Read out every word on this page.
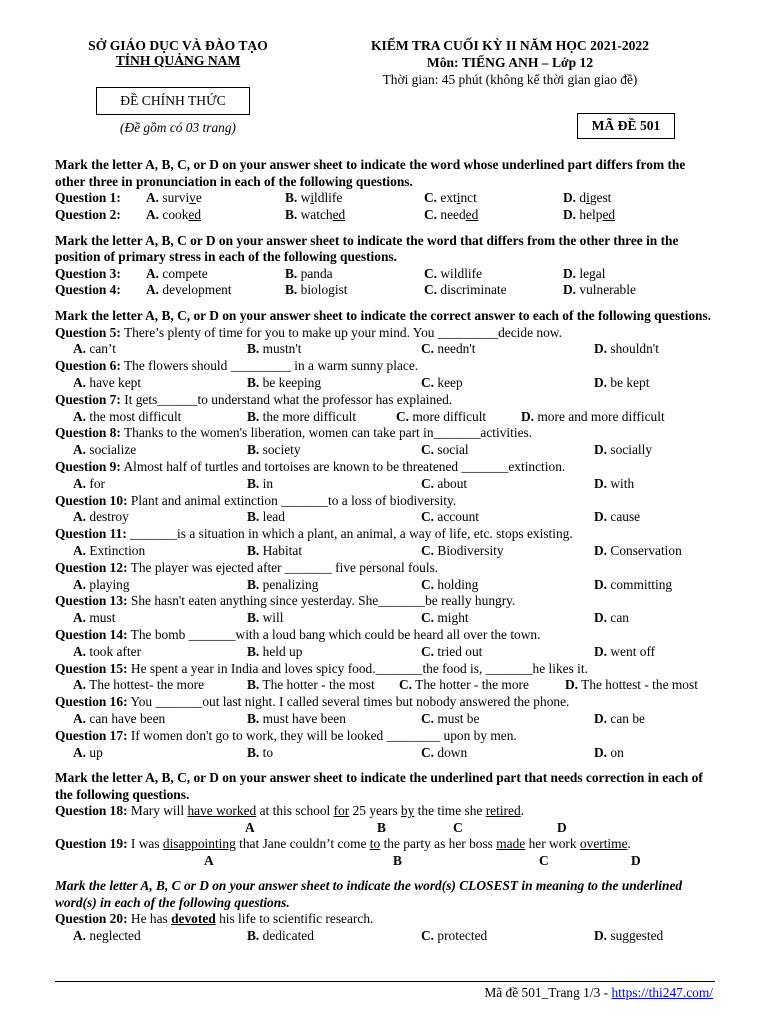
SỞ GIÁO DỤC VÀ ĐÀO TẠO
TỈNH QUẢNG NAM
ĐỀ CHÍNH THỨC
(Đề gồm có 03 trang)
KIỂM TRA CUỐI KỲ II NĂM HỌC 2021-2022
Môn: TIẾNG ANH – Lớp 12
Thời gian: 45 phút (không kể thời gian giao đề)
MÃ ĐỀ 501
Mark the letter A, B, C, or D on your answer sheet to indicate the word whose underlined part differs from the other three in pronunciation in each of the following questions.
Question 1: A. survive	B. wildlife	C. extinct	D. digest
Question 2: A. cooked	B. watched	C. needed	D. helped
Mark the letter A, B, C or D on your answer sheet to indicate the word that differs from the other three in the position of primary stress in each of the following questions.
Question 3: A. compete	B. panda	C. wildlife	D. legal
Question 4: A. development	B. biologist	C. discriminate	D. vulnerable
Mark the letter A, B, C, or D on your answer sheet to indicate the correct answer to each of the following questions.
Question 5: There’s plenty of time for you to make up your mind. You _________decide now.
A. can’t	B. mustn't	C. needn't	D. shouldn't
Question 6: The flowers should _________ in a warm sunny place.
A. have kept	B. be keeping	C. keep	D. be kept
Question 7: It gets______to understand what the professor has explained.
A. the most difficult	B. the more difficult	C. more difficult	D. more and more difficult
Question 8: Thanks to the women's liberation, women can take part in_______activities.
A. socialize	B. society	C. social	D. socially
Question 9: Almost half of turtles and tortoises are known to be threatened _______extinction.
A. for	B. in	C. about	D. with
Question 10: Plant and animal extinction _______to a loss of biodiversity.
A. destroy	B. lead	C. account	D. cause
Question 11: _______is a situation in which a plant, an animal, a way of life, etc. stops existing.
A. Extinction	B. Habitat	C. Biodiversity	D. Conservation
Question 12: The player was ejected after _______ five personal fouls.
A. playing	B. penalizing	C. holding	D. committing
Question 13: She hasn't eaten anything since yesterday. She_______be really hungry.
A. must	B. will	C. might	D. can
Question 14: The bomb _______with a loud bang which could be heard all over the town.
A. took after	B. held up	C. tried out	D. went off
Question 15: He spent a year in India and loves spicy food._______the food is, _______he likes it.
A. The hottest- the more	B. The hotter - the most C. The hotter - the more	D. The hottest - the most
Question 16: You _______out last night. I called several times but nobody answered the phone.
A. can have been	B. must have been	C. must be	D. can be
Question 17: If women don't go to work, they will be looked ________ upon by men.
A. up	B. to	C. down	D. on
Mark the letter A, B, C, or D on your answer sheet to indicate the underlined part that needs correction in each of the following questions.
Question 18: Mary will have worked at this school for 25 years by the time she retired.
A	B	C	D
Question 19: I was disappointing that Jane couldn’t come to the party as her boss made her work overtime.
A	B	C	D
Mark the letter A, B, C or D on your answer sheet to indicate the word(s) CLOSEST in meaning to the underlined word(s) in each of the following questions.
Question 20: He has devoted his life to scientific research.
A. neglected	B. dedicated	C. protected	D. suggested
Mã đề 501_Trang 1/3 - https://thi247.com/
